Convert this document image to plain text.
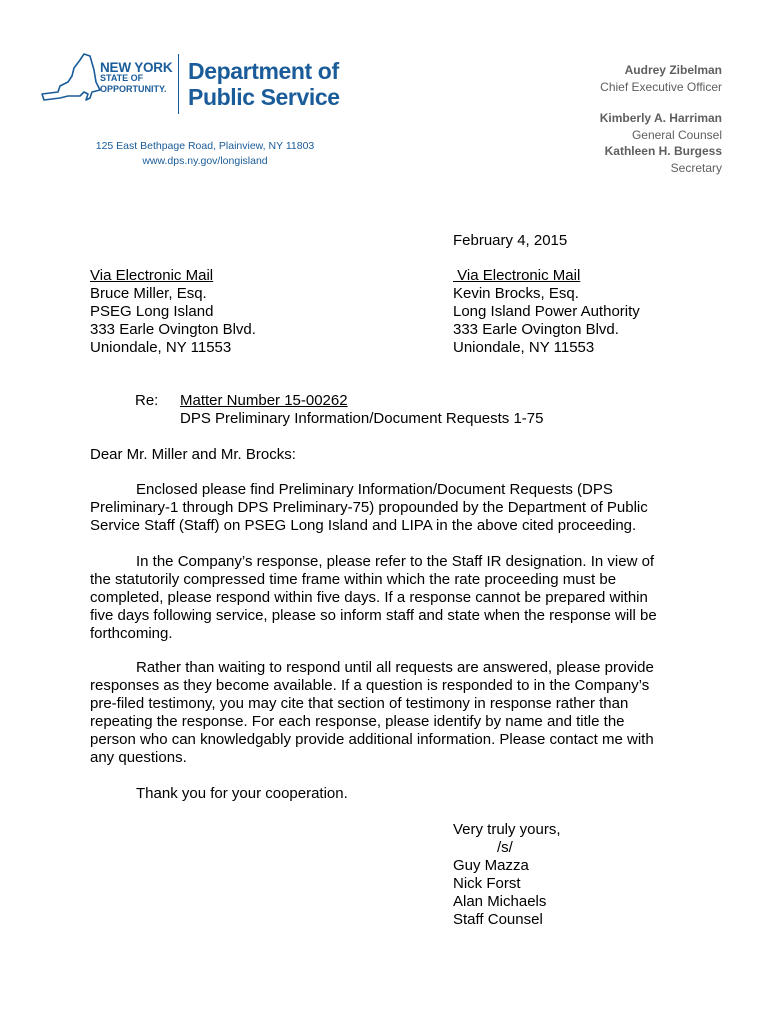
NEW YORK
STATE OF
OPPORTUNITY.
Department of
Public Service
125 East Bethpage Road, Plainview, NY 11803
www.dps.ny.gov/longisland
Audrey Zibelman
Chief Executive Officer
Kimberly A. Harriman
General Counsel
Kathleen H. Burgess
Secretary
February 4, 2015
Via Electronic Mail
Bruce Miller, Esq.
PSEG Long Island
333 Earle Ovington Blvd.
Uniondale, NY 11553
Via Electronic Mail
Kevin Brocks, Esq.
Long Island Power Authority
333 Earle Ovington Blvd.
Uniondale, NY 11553
Re: Matter Number 15-00262
DPS Preliminary Information/Document Requests 1-75
Dear Mr. Miller and Mr. Brocks:
Enclosed please find Preliminary Information/Document Requests (DPS Preliminary-1 through DPS Preliminary-75) propounded by the Department of Public Service Staff (Staff) on PSEG Long Island and LIPA in the above cited proceeding.
In the Company’s response, please refer to the Staff IR designation. In view of the statutorily compressed time frame within which the rate proceeding must be completed, please respond within five days. If a response cannot be prepared within five days following service, please so inform staff and state when the response will be forthcoming.
Rather than waiting to respond until all requests are answered, please provide responses as they become available. If a question is responded to in the Company’s pre-filed testimony, you may cite that section of testimony in response rather than repeating the response. For each response, please identify by name and title the person who can knowledgably provide additional information. Please contact me with any questions.
Thank you for your cooperation.
Very truly yours,
/s/
Guy Mazza
Nick Forst
Alan Michaels
Staff Counsel
